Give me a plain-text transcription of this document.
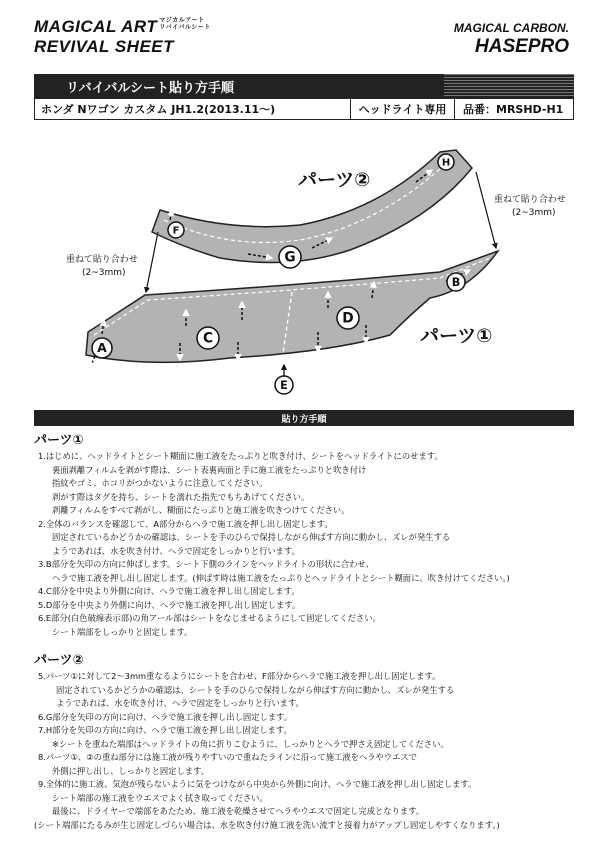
MAGICAL ART マジカルアート
リバイバルシート
REVIVAL SHEET
MAGICAL CARBON.
HASEPRO
リバイバルシート貼り方手順
ホンダ Nワゴン カスタム JH1.2(2013.11〜)	ヘッドライト専用	品番：MRSHD-H1
パーツ②
パーツ①
重ねて貼り合わせ
(2~3mm)
重ねて貼り合わせ
(2~3mm)
A
B
C
D
E
F
G
H
貼り方手順
パーツ①

1.はじめに、ヘッドライトとシート糊面に施工液をたっぷりと吹き付け、シートをヘッドライトにのせます。

裏面剥離フィルムを剥がす際は、シート表裏両面と手に施工液をたっぷりと吹き付け

指紋やゴミ、ホコリがつかないように注意してください。

剥がす際はタグを持ち、シートを濡れた指先でもちあげてください。

剥離フィルムをすべて剥がし、糊面にたっぷりと施工液を吹きつけてください。

2.全体のバランスを確認して、A部分からヘラで施工液を押し出し固定します。

固定されているかどうかの確認は、シートを手のひらで保持しながら伸ばす方向に動かし、ズレが発生する

ようであれば、水を吹き付け、ヘラで固定をしっかりと行います。

3.B部分を矢印の方向に伸ばします。シート下側のラインをヘッドライトの形状に合わせ、

ヘラで施工液を押し出し固定します。(伸ばす時は施工液をたっぷりとヘッドライトとシート糊面に、吹き付けてください。)

4.C部分を中央より外側に向け、ヘラで施工液を押し出し固定します。

5.D部分を中央より外側に向け、ヘラで施工液を押し出し固定します。

6.E部分(白色破線表示部)の角アール部はシートをなじませるようにして固定してください。

シート端部をしっかりと固定します。

パーツ②

5.パーツ①に対して2〜3mm重なるようにシートを合わせ、F部分からヘラで施工液を押し出し固定します。

固定されているかどうかの確認は、シートを手のひらで保持しながら伸ばす方向に動かし、ズレが発生する

ようであれば、水を吹き付け、ヘラで固定をしっかりと行います。

6.G部分を矢印の方向に向け、ヘラで施工液を押し出し固定します。

7.H部分を矢印の方向に向け、ヘラで施工液を押し出し固定します。

※シートを重ねた端部はヘッドライトの角に折りこむように、しっかりとヘラで押さえ固定してください。

8.パーツ①、②の重ね部分には施工液が残りやすいので重ねたラインに沿って施工液をヘラやウエスで

外側に押し出し、しっかりと固定します。

9.全体的に施工液、気泡が残らないように気をつけながら中央から外側に向け、ヘラで施工液を押し出し固定します。

シート端部の施工液をウエスでよく拭き取ってください。

最後に、ドライヤーで端部をあたため、施工液を乾燥させてヘラやウエスで固定し完成となります。

(シート端部にたるみが生じ固定しづらい場合は、水を吹き付け施工液を洗い流すと接着力がアップし固定しやすくなります。)
